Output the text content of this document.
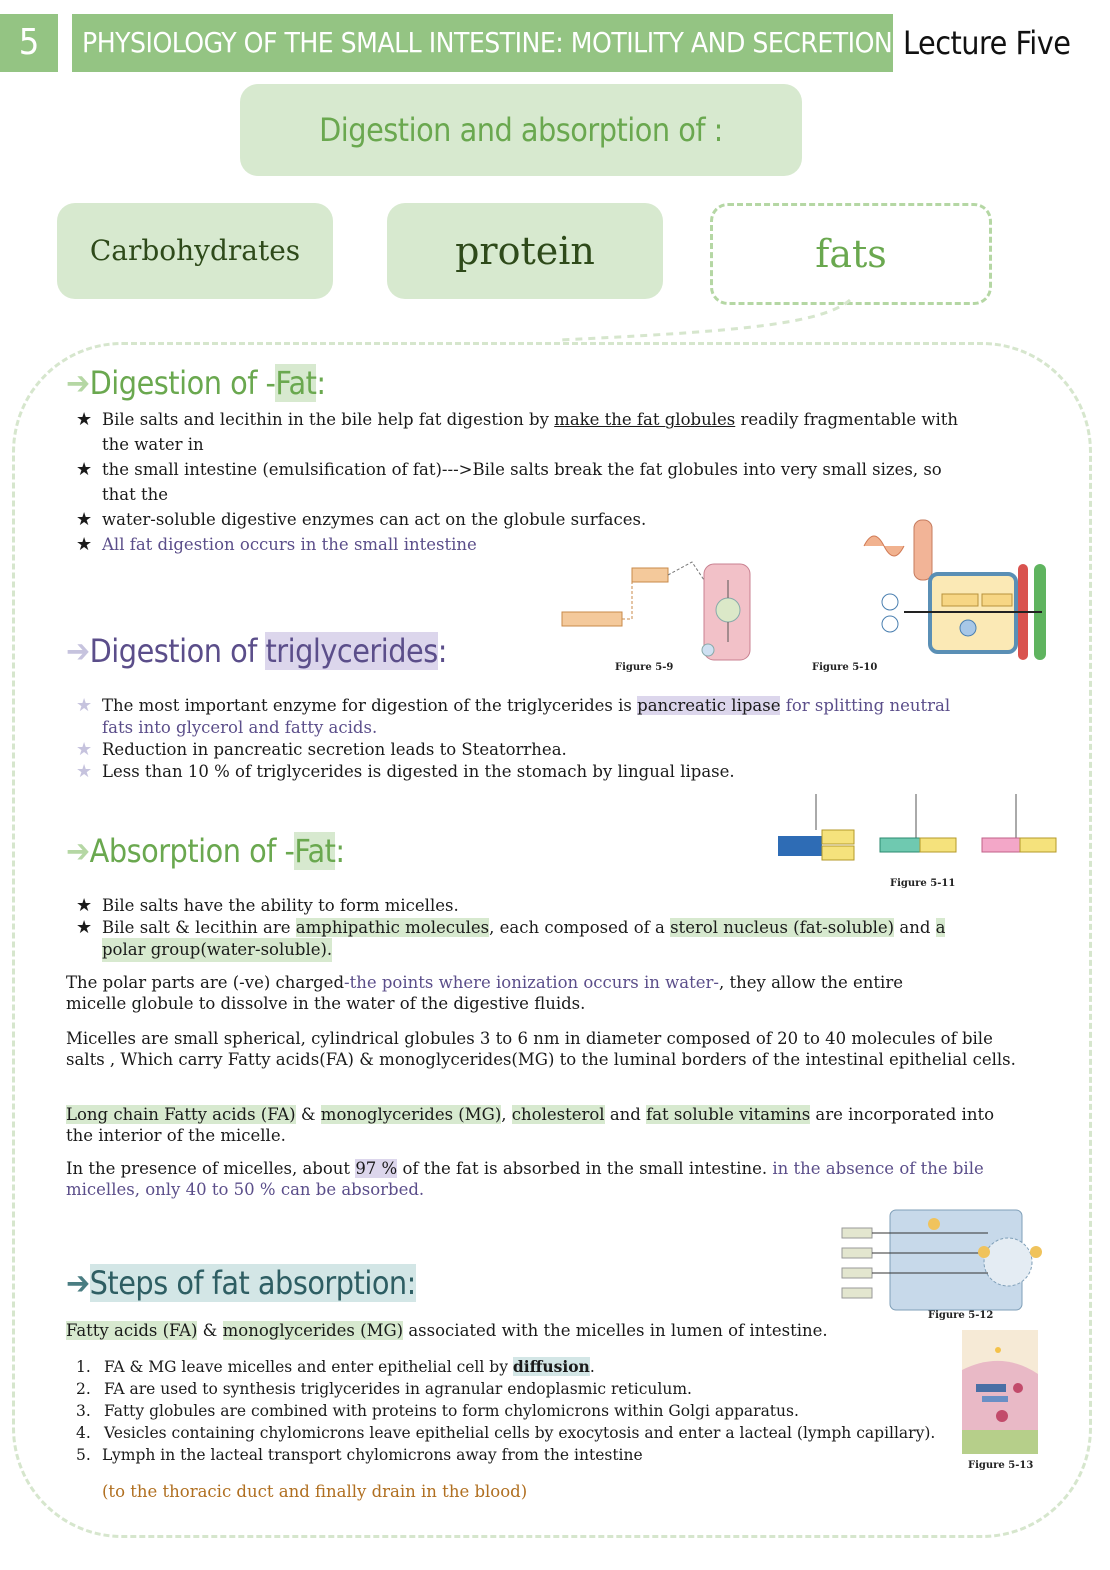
5	PHYSIOLOGY OF THE SMALL INTESTINE: MOTILITY AND SECRETION Lecture Five
Digestion and absorption of :
Carbohydrates	protein	fats
➔Digestion of -Fat:
★ Bile salts and lecithin in the bile help fat digestion by make the fat globules readily fragmentable with
the water in
★ the small intestine (emulsification of fat)--->Bile salts break the fat globules into very small sizes, so
that the
★ water-soluble digestive enzymes can act on the globule surfaces.
★ All fat digestion occurs in the small intestine
Figure 5-9	Figure 5-10
➔Digestion of triglycerides:
★ The most important enzyme for digestion of the triglycerides is pancreatic lipase for splitting neutral
fats into glycerol and fatty acids.
★ Reduction in pancreatic secretion leads to Steatorrhea.
★ Less than 10 % of triglycerides is digested in the stomach by lingual lipase.
Figure 5-11
➔Absorption of -Fat:
★ Bile salts have the ability to form micelles.
★ Bile salt & lecithin are amphipathic molecules, each composed of a sterol nucleus (fat-soluble) and a
polar group(water-soluble).
The polar parts are (-ve) charged-the points where ionization occurs in water-, they allow the entire
micelle globule to dissolve in the water of the digestive fluids.
Micelles are small spherical, cylindrical globules 3 to 6 nm in diameter composed of 20 to 40 molecules of bile salts , Which carry Fatty acids(FA) & monoglycerides(MG) to the luminal borders of the intestinal epithelial cells.
Long chain Fatty acids (FA) & monoglycerides (MG), cholesterol and fat soluble vitamins are incorporated into
the interior of the micelle.
In the presence of micelles, about 97 % of the fat is absorbed in the small intestine. in the absence of the bile
micelles, only 40 to 50 % can be absorbed.
Figure 5-12
➔Steps of fat absorption:
Fatty acids (FA) & monoglycerides (MG) associated with the micelles in lumen of intestine.
1. FA & MG leave micelles and enter epithelial cell by diffusion.
2. FA are used to synthesis triglycerides in agranular endoplasmic reticulum.
3. Fatty globules are combined with proteins to form chylomicrons within Golgi apparatus.
4. Vesicles containing chylomicrons leave epithelial cells by exocytosis and enter a lacteal (lymph capillary).
5. Lymph in the lacteal transport chylomicrons away from the intestine
(to the thoracic duct and finally drain in the blood)
Figure 5-13
